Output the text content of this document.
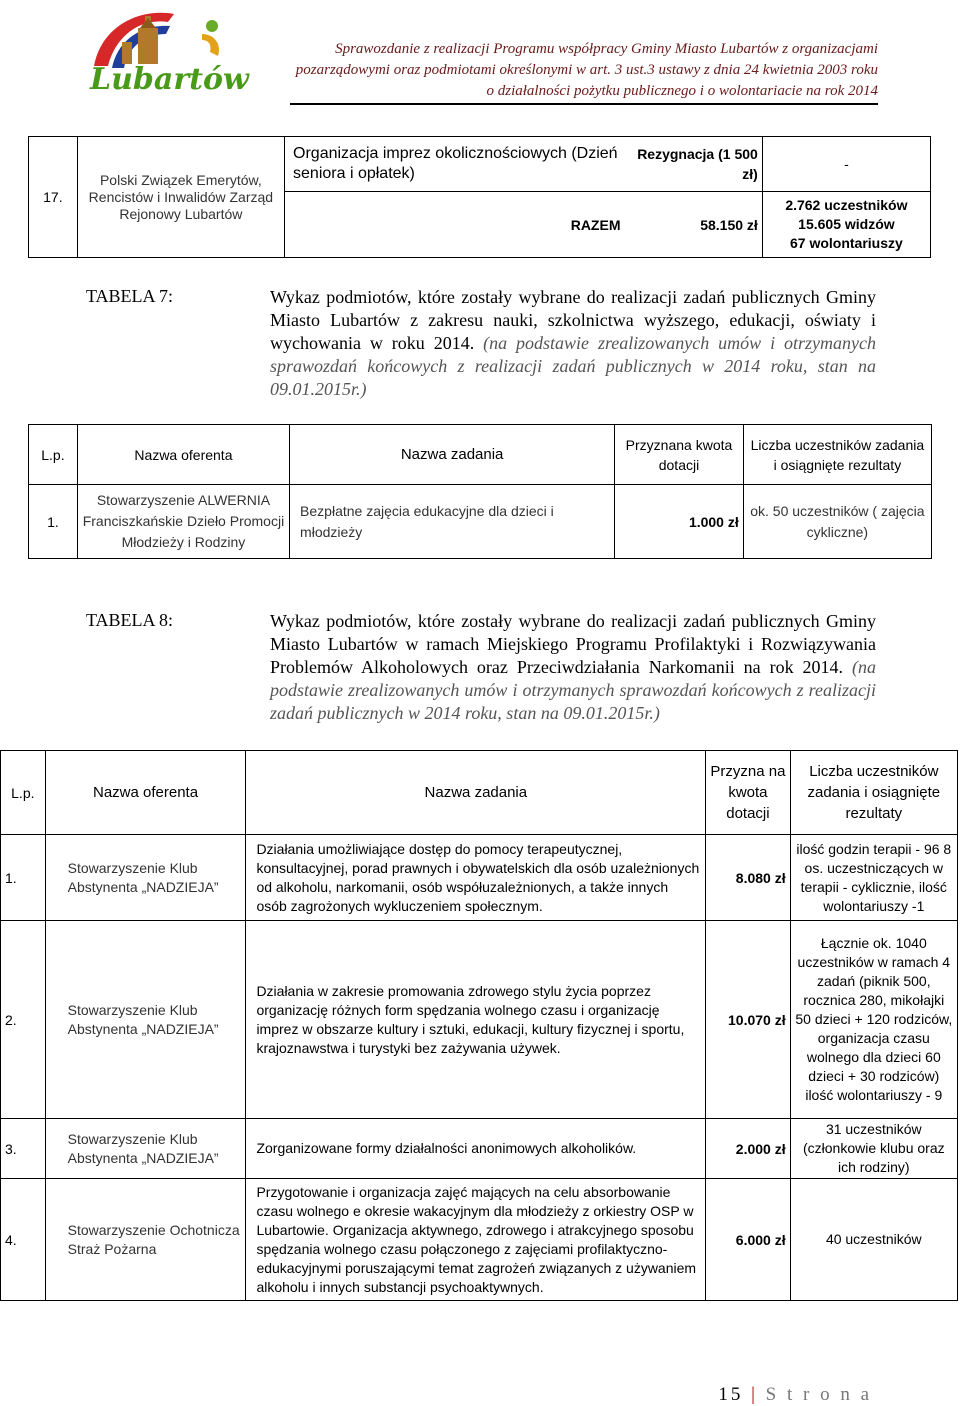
Lubartów
Sprawozdanie z realizacji Programu współpracy Gminy Miasto Lubartów z organizacjami
pozarządowymi oraz podmiotami określonymi w art. 3 ust.3 ustawy z dnia 24 kwietnia 2003 roku
o działalności pożytku publicznego i o wolontariacie na rok 2014
17.	Polski Związek Emerytów, Rencistów i Inwalidów Zarząd Rejonowy Lubartów	Organizacja imprez okolicznościowych (Dzień seniora i opłatek)	Rezygnacja (1 500 zł)	-
		RAZEM	58.150 zł	2.762 uczestników
15.605 widzów
67 wolontariuszy
TABELA 7:	Wykaz podmiotów, które zostały wybrane do realizacji zadań publicznych Gminy Miasto Lubartów z zakresu nauki, szkolnictwa wyższego, edukacji, oświaty i wychowania w roku 2014. (na podstawie zrealizowanych umów i otrzymanych sprawozdań końcowych z realizacji zadań publicznych w 2014 roku, stan na 09.01.2015r.)
L.p.	Nazwa oferenta	Nazwa zadania	Przyznana kwota dotacji	Liczba uczestników zadania i osiągnięte rezultaty
1.	Stowarzyszenie ALWERNIA Franciszkańskie Dzieło Promocji Młodzieży i Rodziny	Bezpłatne zajęcia edukacyjne dla dzieci i młodzieży	1.000 zł	ok. 50 uczestników ( zajęcia cykliczne)
TABELA 8:	Wykaz podmiotów, które zostały wybrane do realizacji zadań publicznych Gminy Miasto Lubartów w ramach Miejskiego Programu Profilaktyki i Rozwiązywania Problemów Alkoholowych oraz Przeciwdziałania Narkomanii na rok 2014. (na podstawie zrealizowanych umów i otrzymanych sprawozdań końcowych z realizacji zadań publicznych w 2014 roku, stan na 09.01.2015r.)
L.p.	Nazwa oferenta	Nazwa zadania	Przyzna na kwota dotacji	Liczba uczestników zadania i osiągnięte rezultaty
1.	Stowarzyszenie Klub Abstynenta „NADZIEJA”	Działania umożliwiające dostęp do pomocy terapeutycznej, konsultacyjnej, porad prawnych i obywatelskich dla osób uzależnionych od alkoholu, narkomanii, osób współuzależnionych, a także innych osób zagrożonych wykluczeniem społecznym.	8.080 zł	ilość godzin terapii - 96 8 os. uczestniczących w terapii - cyklicznie, ilość wolontariuszy -1
2.	Stowarzyszenie Klub Abstynenta „NADZIEJA”	Działania w zakresie promowania zdrowego stylu życia poprzez organizację różnych form spędzania wolnego czasu i organizację imprez w obszarze kultury i sztuki, edukacji, kultury fizycznej i sportu, krajoznawstwa i turystyki bez zażywania używek.	10.070 zł	Łącznie ok. 1040 uczestników w ramach 4 zadań (piknik 500, rocznica 280, mikołajki 50 dzieci + 120 rodziców, organizacja czasu wolnego dla dzieci 60 dzieci + 30 rodziców) ilość wolontariuszy - 9
3.	Stowarzyszenie Klub Abstynenta „NADZIEJA”	Zorganizowane formy działalności anonimowych alkoholików.	2.000 zł	31 uczestników (członkowie klubu oraz ich rodziny)
4.	Stowarzyszenie Ochotnicza Straż Pożarna	Przygotowanie i organizacja zajęć mających na celu absorbowanie czasu wolnego e okresie wakacyjnym dla młodzieży z orkiestry OSP w Lubartowie. Organizacja aktywnego, zdrowego i atrakcyjnego sposobu spędzania wolnego czasu połączonego z zajęciami profilaktyczno-edukacyjnymi poruszającymi temat zagrożeń związanych z używaniem alkoholu i innych substancji psychoaktywnych.	6.000 zł	40 uczestników
15 | S t r o n a
